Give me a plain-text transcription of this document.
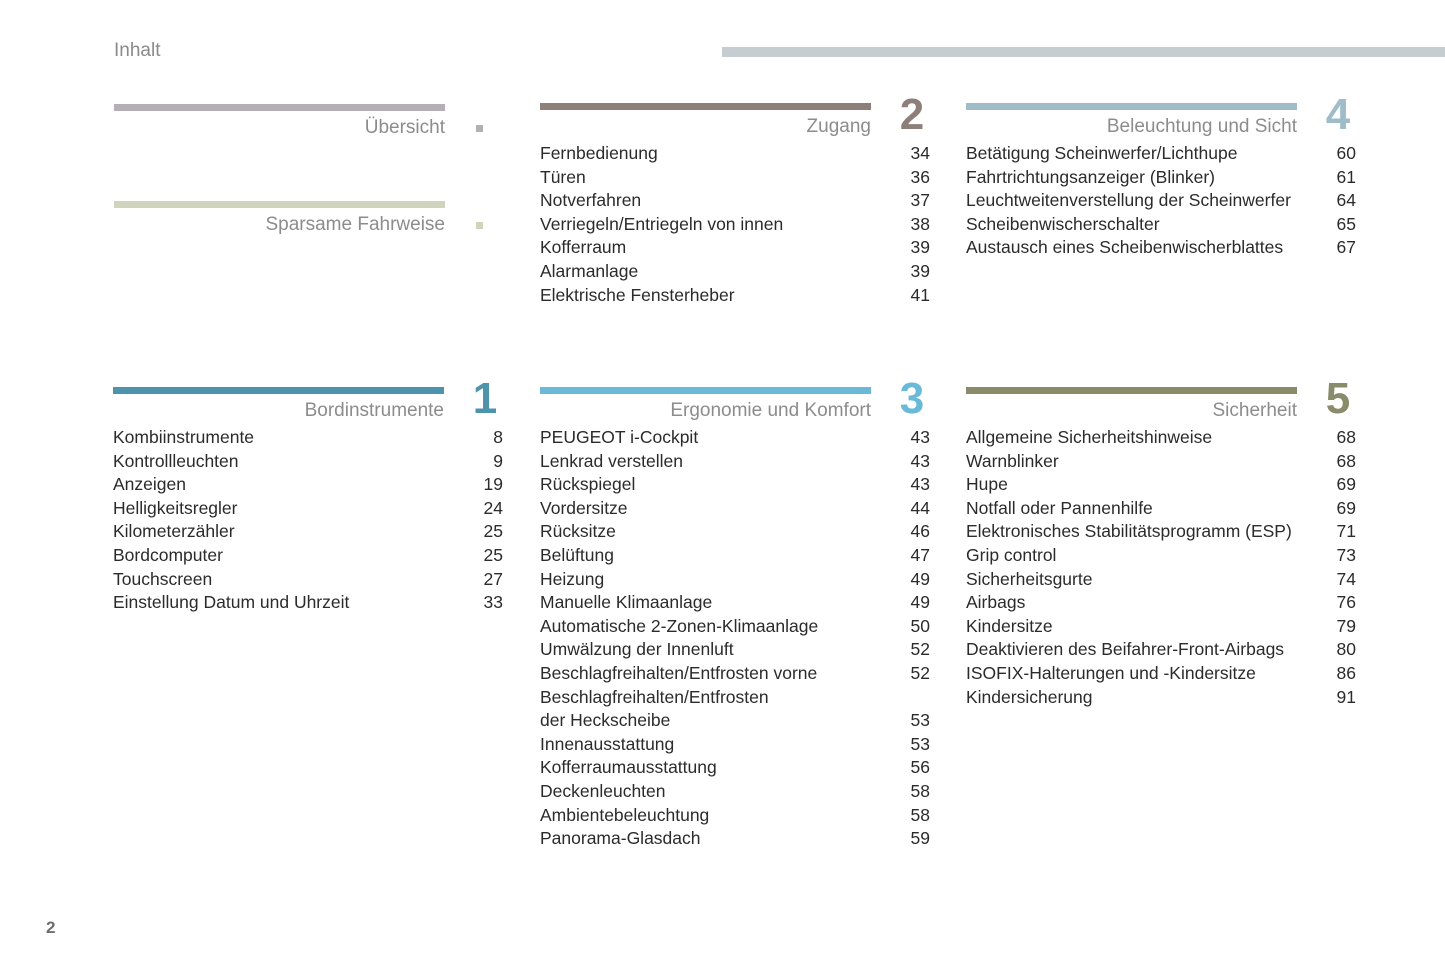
Inhalt
Übersicht
Sparsame Fahrweise
Zugang 2
Fernbedienung	34
Türen	36
Notverfahren	37
Verriegeln/Entriegeln von innen	38
Kofferraum	39
Alarmanlage	39
Elektrische Fensterheber	41
Beleuchtung und Sicht 4
Betätigung Scheinwerfer/Lichthupe	60
Fahrtrichtungsanzeiger (Blinker)	61
Leuchtweitenverstellung der Scheinwerfer	64
Scheibenwischerschalter	65
Austausch eines Scheibenwischerblattes	67
Bordinstrumente 1
Kombiinstrumente	8
Kontrollleuchten	9
Anzeigen	19
Helligkeitsregler	24
Kilometerzähler	25
Bordcomputer	25
Touchscreen	27
Einstellung Datum und Uhrzeit	33
Ergonomie und Komfort 3
PEUGEOT i-Cockpit	43
Lenkrad verstellen	43
Rückspiegel	43
Vordersitze	44
Rücksitze	46
Belüftung	47
Heizung	49
Manuelle Klimaanlage	49
Automatische 2-Zonen-Klimaanlage	50
Umwälzung der Innenluft	52
Beschlagfreihalten/Entfrosten vorne	52
Beschlagfreihalten/Entfrosten
der Heckscheibe	53
Innenausstattung	53
Kofferraumausstattung	56
Deckenleuchten	58
Ambientebeleuchtung	58
Panorama-Glasdach	59
Sicherheit 5
Allgemeine Sicherheitshinweise	68
Warnblinker	68
Hupe	69
Notfall oder Pannenhilfe	69
Elektronisches Stabilitätsprogramm (ESP)	71
Grip control	73
Sicherheitsgurte	74
Airbags	76
Kindersitze	79
Deaktivieren des Beifahrer-Front-Airbags	80
ISOFIX-Halterungen und -Kindersitze	86
Kindersicherung	91
2
